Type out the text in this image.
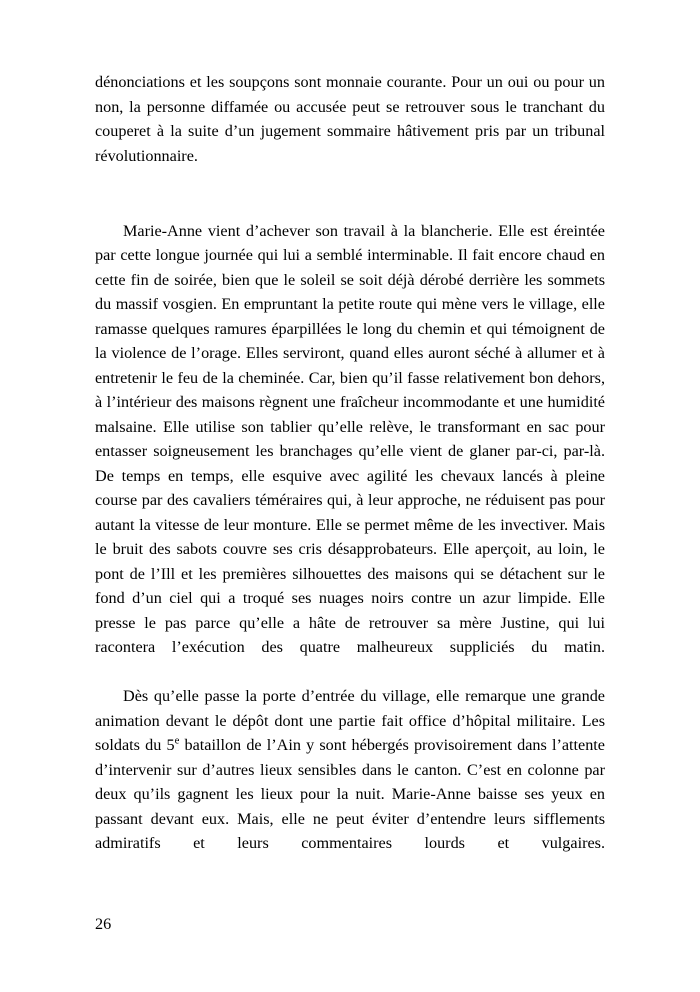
dénonciations et les soupçons sont monnaie courante. Pour un oui ou pour un non, la personne diffamée ou accusée peut se retrouver sous le tranchant du couperet à la suite d’un jugement sommaire hâtivement pris par un tribunal révolutionnaire.

Marie-Anne vient d’achever son travail à la blancherie. Elle est éreintée par cette longue journée qui lui a semblé interminable. Il fait encore chaud en cette fin de soirée, bien que le soleil se soit déjà dérobé derrière les sommets du massif vosgien. En empruntant la petite route qui mène vers le village, elle ramasse quelques ramures éparpillées le long du chemin et qui témoignent de la violence de l’orage. Elles serviront, quand elles auront séché à allumer et à entretenir le feu de la cheminée. Car, bien qu’il fasse relativement bon dehors, à l’intérieur des maisons règnent une fraîcheur incommodante et une humidité malsaine. Elle utilise son tablier qu’elle relève, le transformant en sac pour entasser soigneusement les branchages qu’elle vient de glaner par-ci, par-là. De temps en temps, elle esquive avec agilité les chevaux lancés à pleine course par des cavaliers téméraires qui, à leur approche, ne réduisent pas pour autant la vitesse de leur monture. Elle se permet même de les invectiver. Mais le bruit des sabots couvre ses cris désapprobateurs. Elle aperçoit, au loin, le pont de l’Ill et les premières silhouettes des maisons qui se détachent sur le fond d’un ciel qui a troqué ses nuages noirs contre un azur limpide. Elle presse le pas parce qu’elle a hâte de retrouver sa mère Justine, qui lui racontera l’exécution des quatre malheureux suppliciés du matin.

Dès qu’elle passe la porte d’entrée du village, elle remarque une grande animation devant le dépôt dont une partie fait office d’hôpital militaire. Les soldats du 5e bataillon de l’Ain y sont hébergés provisoirement dans l’attente d’intervenir sur d’autres lieux sensibles dans le canton. C’est en colonne par deux qu’ils gagnent les lieux pour la nuit. Marie-Anne baisse ses yeux en passant devant eux. Mais, elle ne peut éviter d’entendre leurs sifflements admiratifs et leurs commentaires lourds et vulgaires.

26
